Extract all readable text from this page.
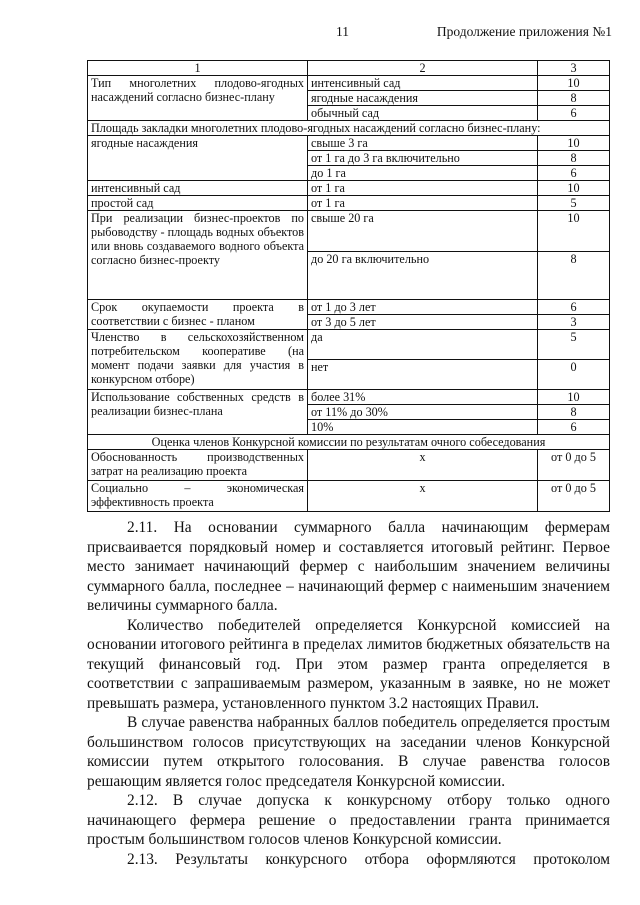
11	Продолжение приложения №1
1	2	3
Тип многолетних плодово-ягодных насаждений согласно бизнес-плану	интенсивный сад	10
	ягодные насаждения	8
	обычный сад	6
Площадь закладки многолетних плодово-ягодных насаждений согласно бизнес-плану:		
ягодные насаждения	свыше 3 га	10
	от 1 га до 3 га включительно	8
	до 1 га	6
интенсивный сад	от 1 га	10
простой сад	от 1 га	5
При реализации бизнес-проектов по рыбоводству - площадь водных объектов или вновь создаваемого водного объекта согласно бизнес-проекту	свыше 20 га	10
	до 20 га включительно	8
Срок окупаемости проекта в соответствии с бизнес - планом	от 1 до 3 лет	6
	от 3 до 5 лет	3
Членство в сельскохозяйственном потребительском кооперативе (на момент подачи заявки для участия в конкурсном отборе)	да	5
	нет	0
Использование собственных средств в реализации бизнес-плана	более 31%	10
	от 11% до 30%	8
	10%	6
Оценка членов Конкурсной комиссии по результатам очного собеседования		
Обоснованность производственных затрат на реализацию проекта	х	от 0 до 5
Социально – экономическая эффективность проекта	х	от 0 до 5

2.11. На основании суммарного балла начинающим фермерам присваивается порядковый номер и составляется итоговый рейтинг. Первое место занимает начинающий фермер с наибольшим значением величины суммарного балла, последнее – начинающий фермер с наименьшим значением величины суммарного балла.

Количество победителей определяется Конкурсной комиссией на основании итогового рейтинга в пределах лимитов бюджетных обязательств на текущий финансовый год. При этом размер гранта определяется в соответствии с запрашиваемым размером, указанным в заявке, но не может превышать размера, установленного пунктом 3.2 настоящих Правил.

В случае равенства набранных баллов победитель определяется простым большинством голосов присутствующих на заседании членов Конкурсной комиссии путем открытого голосования. В случае равенства голосов решающим является голос председателя Конкурсной комиссии.

2.12. В случае допуска к конкурсному отбору только одного начинающего фермера решение о предоставлении гранта принимается простым большинством голосов членов Конкурсной комиссии.

2.13. Результаты конкурсного отбора оформляются протоколом
